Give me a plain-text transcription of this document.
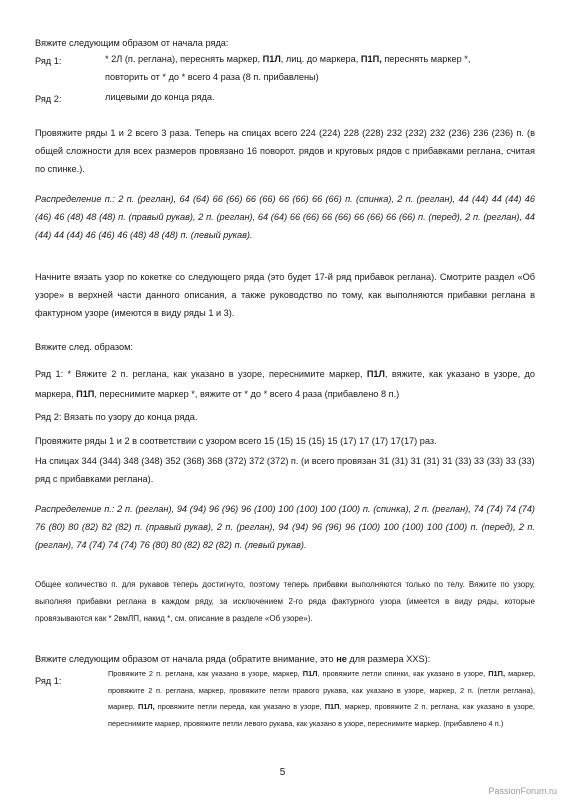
Вяжите следующим образом от начала ряда:
Ряд 1:	* 2Л (п. реглана), переснять маркер, П1Л, лиц. до маркера, П1П, переснять маркер *,
повторить от * до * всего 4 раза (8 п. прибавлены)
Ряд 2:	лицевыми до конца ряда.
Провяжите ряды 1 и 2 всего 3 раза. Теперь на спицах всего 224 (224) 228 (228) 232 (232) 232 (236) 236 (236) п. (в общей сложности для всех размеров провязано 16 поворот. рядов и круговых рядов с прибавками реглана, считая по спинке.).
Распределение п.: 2 п. (реглан), 64 (64) 66 (66) 66 (66) 66 (66) 66 (66) п. (спинка), 2 п. (реглан), 44 (44) 44 (44) 46 (46) 46 (48) 48 (48) п. (правый рукав), 2 п. (реглан), 64 (64) 66 (66) 66 (66) 66 (66) 66 (66) п. (перед), 2 п. (реглан), 44 (44) 44 (44) 46 (46) 46 (48) 48 (48) п. (левый рукав).
Начните вязать узор по кокетке со следующего ряда (это будет 17-й ряд прибавок реглана). Смотрите раздел «Об узоре» в верхней части данного описания, а также руководство по тому, как выполняются прибавки реглана в фактурном узоре (имеются в виду ряды 1 и 3).
Вяжите след. образом:
Ряд 1: * Вяжите 2 п. реглана, как указано в узоре, переснимите маркер, П1Л, вяжите, как указано в узоре, до маркера, П1П, переснимите маркер *, вяжите от * до * всего 4 раза (прибавлено 8 п.)
Ряд 2: Вязать по узору до конца ряда.
Провяжите ряды 1 и 2 в соответствии с узором всего 15 (15) 15 (15) 15 (17) 17 (17) 17(17) раз.
На спицах 344 (344) 348 (348) 352 (368) 368 (372) 372 (372) п. (и всего провязан 31 (31) 31 (31) 31 (33) 33 (33) 33 (33) ряд с прибавками реглана).
Распределение п.: 2 п. (реглан), 94 (94) 96 (96) 96 (100) 100 (100) 100 (100) п. (спинка), 2 п. (реглан), 74 (74) 74 (74) 76 (80) 80 (82) 82 (82) п. (правый рукав), 2 п. (реглан), 94 (94) 96 (96) 96 (100) 100 (100) 100 (100) п. (перед), 2 п. (реглан), 74 (74) 74 (74) 76 (80) 80 (82) 82 (82) п. (левый рукав).
Общее количество п. для рукавов теперь достигнуто, поэтому теперь прибавки выполняются только по телу. Вяжите по узору, выполняя прибавки реглана в каждом ряду, за исключением 2-го ряда фактурного узора (имеется в виду ряды, которые провязываются как * 2вмЛП, накид *, см. описание в разделе «Об узоре»).
Вяжите следующим образом от начала ряда (обратите внимание, это не для размера XXS):
Ряд 1:
Провяжите 2 п. реглана, как указано в узоре, маркер, П1Л, провяжите петли спинки, как указано в узоре, П1П, маркер, провяжите 2 п. реглана, маркер, провяжите петли правого рукава, как указано в узоре, маркер, 2 п. (петли реглана), маркер, П1Л, провяжите петли переда, как указано в узоре, П1П, маркер, провяжите 2 п. реглана, как указано в узоре, переснимите маркер, провяжите петли левого рукава, как указано в узоре, переснимите маркер. (прибавлено 4 п.)
5
PassionForum.ru
